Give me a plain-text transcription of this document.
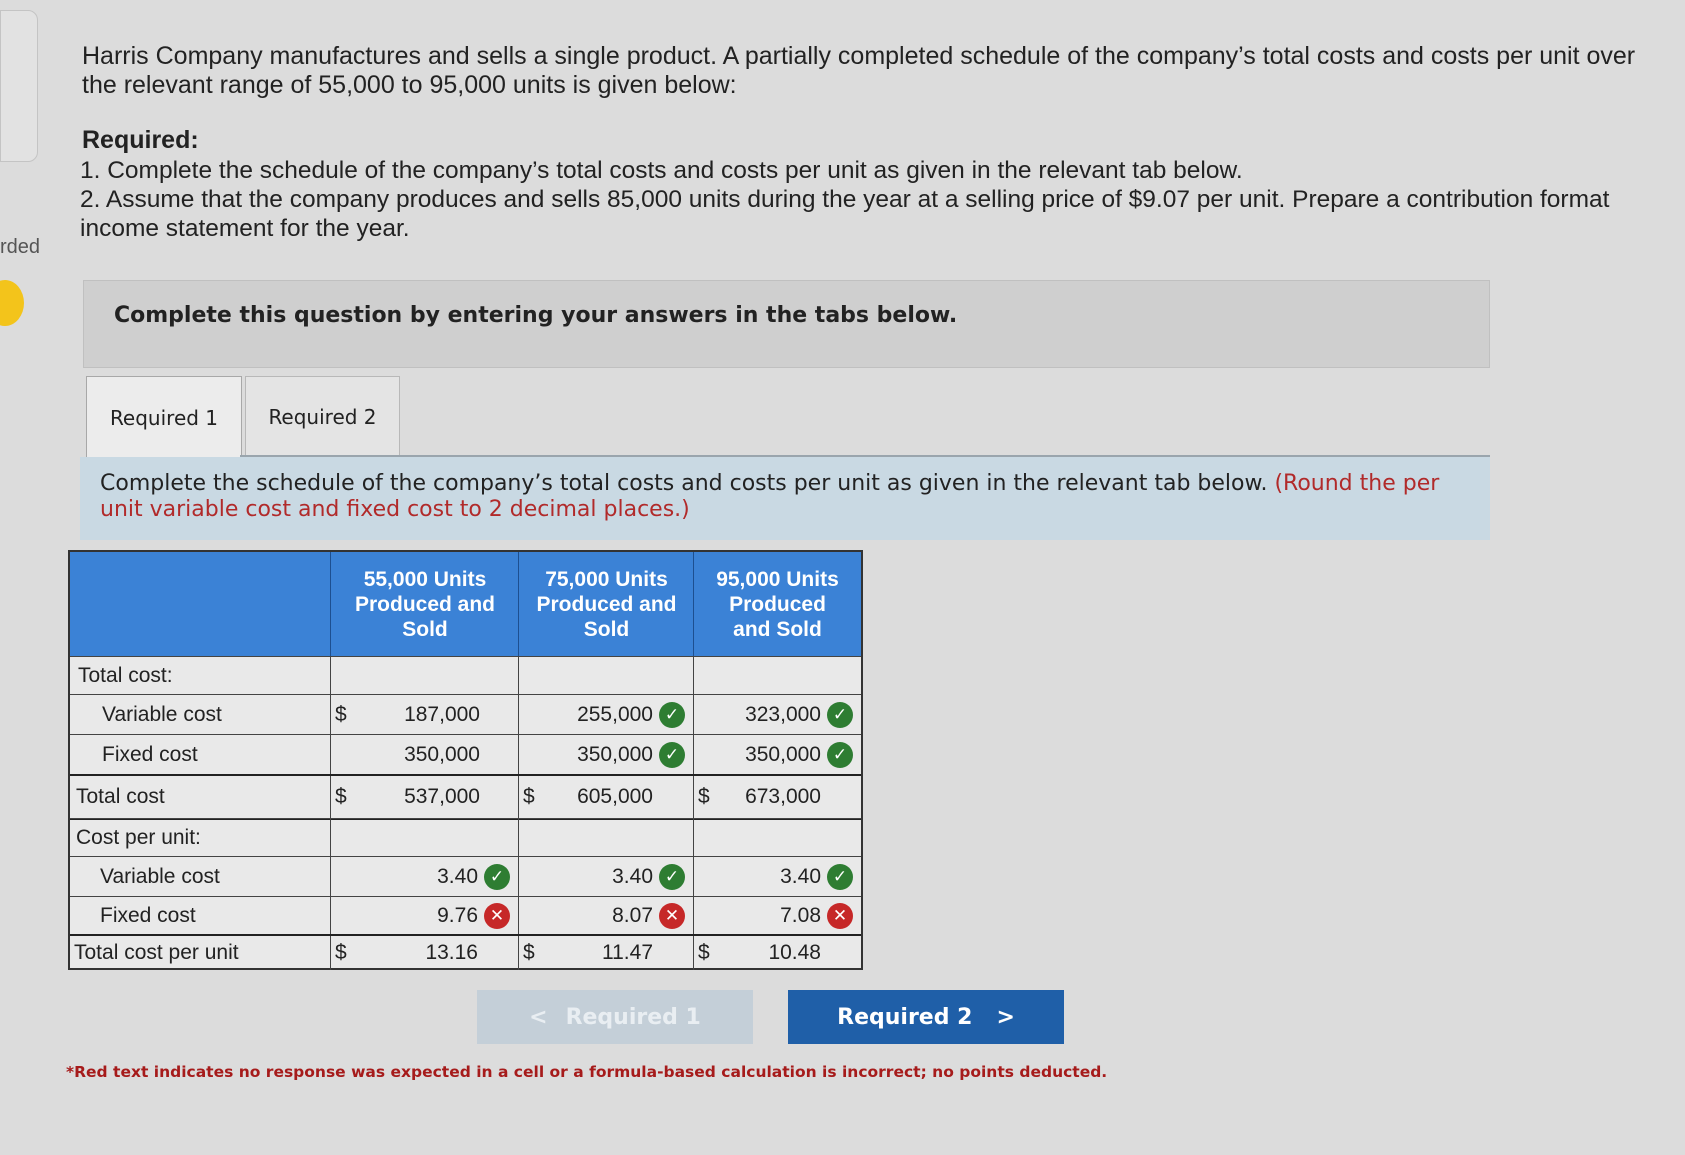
rded
Harris Company manufactures and sells a single product. A partially completed schedule of the company’s total costs and costs per unit over the relevant range of 55,000 to 95,000 units is given below:
Required:
1. Complete the schedule of the company’s total costs and costs per unit as given in the relevant tab below.
2. Assume that the company produces and sells 85,000 units during the year at a selling price of $9.07 per unit. Prepare a contribution format income statement for the year.
Complete this question by entering your answers in the tabs below.
Required 1	Required 2
Complete the schedule of the company’s total costs and costs per unit as given in the relevant tab below. (Round the per unit variable cost and fixed cost to 2 decimal places.)
55,000 Units Produced and Sold
75,000 Units Produced and Sold
95,000 Units Produced and Sold
Total cost:
Variable cost	$	187,000	255,000 ✓	323,000 ✓
Fixed cost	350,000	350,000 ✓	350,000 ✓
Total cost	$	537,000 $ 605,000 $ 673,000
Cost per unit:
Variable cost	3.40 ✓	3.40 ✓	3.40 ✓
Fixed cost	9.76 ✕	8.07 ✕	7.08 ✕
Total cost per unit	$	13.16 $	11.47 $	10.48
< Required 1	Required 2 >
*Red text indicates no response was expected in a cell or a formula-based calculation is incorrect; no points deducted.
